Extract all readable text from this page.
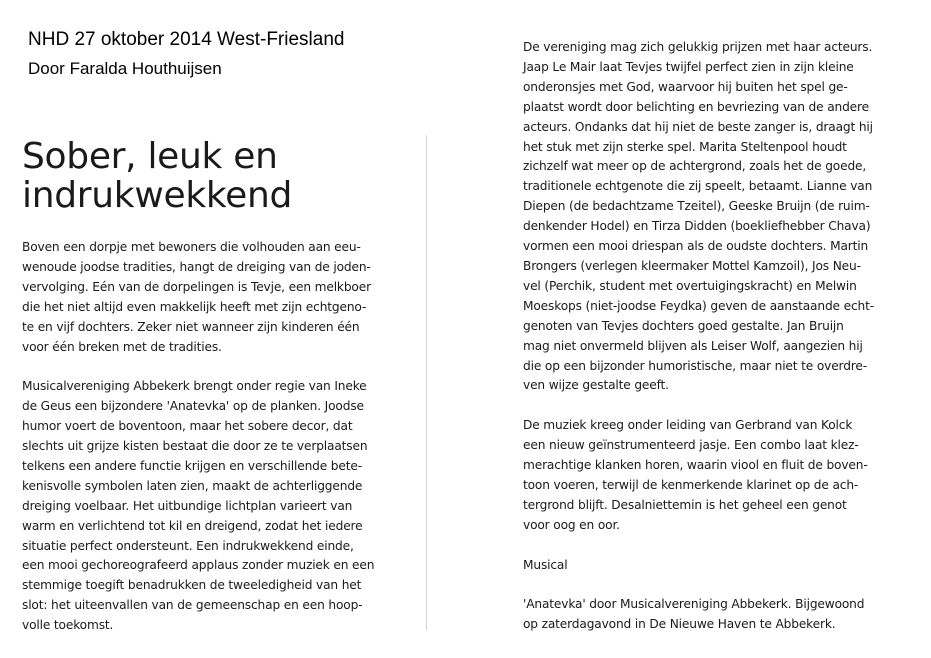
NHD 27 oktober 2014 West-Friesland
Door Faralda Houthuijsen
Sober, leuk en
indrukwekkend
Boven een dorpje met bewoners die volhouden aan eeu-
wenoude joodse tradities, hangt de dreiging van de joden-
vervolging. Eén van de dorpelingen is Tevje, een melkboer
die het niet altijd even makkelijk heeft met zijn echtgeno-
te en vijf dochters. Zeker niet wanneer zijn kinderen één
voor één breken met de tradities.
Musicalvereniging Abbekerk brengt onder regie van Ineke
de Geus een bijzondere 'Anatevka' op de planken. Joodse
humor voert de boventoon, maar het sobere decor, dat
slechts uit grijze kisten bestaat die door ze te verplaatsen
telkens een andere functie krijgen en verschillende bete-
kenisvolle symbolen laten zien, maakt de achterliggende
dreiging voelbaar. Het uitbundige lichtplan varieert van
warm en verlichtend tot kil en dreigend, zodat het iedere
situatie perfect ondersteunt. Een indrukwekkend einde,
een mooi gechoreografeerd applaus zonder muziek en een
stemmige toegift benadrukken de tweeledigheid van het
slot: het uiteenvallen van de gemeenschap en een hoop-
volle toekomst.
De vereniging mag zich gelukkig prijzen met haar acteurs.
Jaap Le Mair laat Tevjes twijfel perfect zien in zijn kleine
onderonsjes met God, waarvoor hij buiten het spel ge-
plaatst wordt door belichting en bevriezing van de andere
acteurs. Ondanks dat hij niet de beste zanger is, draagt hij
het stuk met zijn sterke spel. Marita Steltenpool houdt
zichzelf wat meer op de achtergrond, zoals het de goede,
traditionele echtgenote die zij speelt, betaamt. Lianne van
Diepen (de bedachtzame Tzeitel), Geeske Bruijn (de ruim-
denkender Hodel) en Tirza Didden (boekliefhebber Chava)
vormen een mooi driespan als de oudste dochters. Martin
Brongers (verlegen kleermaker Mottel Kamzoil), Jos Neu-
vel (Perchik, student met overtuigingskracht) en Melwin
Moeskops (niet-joodse Feydka) geven de aanstaande echt-
genoten van Tevjes dochters goed gestalte. Jan Bruijn
mag niet onvermeld blijven als Leiser Wolf, aangezien hij
die op een bijzonder humoristische, maar niet te overdre-
ven wijze gestalte geeft.
De muziek kreeg onder leiding van Gerbrand van Kolck
een nieuw geïnstrumenteerd jasje. Een combo laat klez-
merachtige klanken horen, waarin viool en fluit de boven-
toon voeren, terwijl de kenmerkende klarinet op de ach-
tergrond blijft. Desalniettemin is het geheel een genot
voor oog en oor.
Musical
'Anatevka' door Musicalvereniging Abbekerk. Bijgewoond
op zaterdagavond in De Nieuwe Haven te Abbekerk.
